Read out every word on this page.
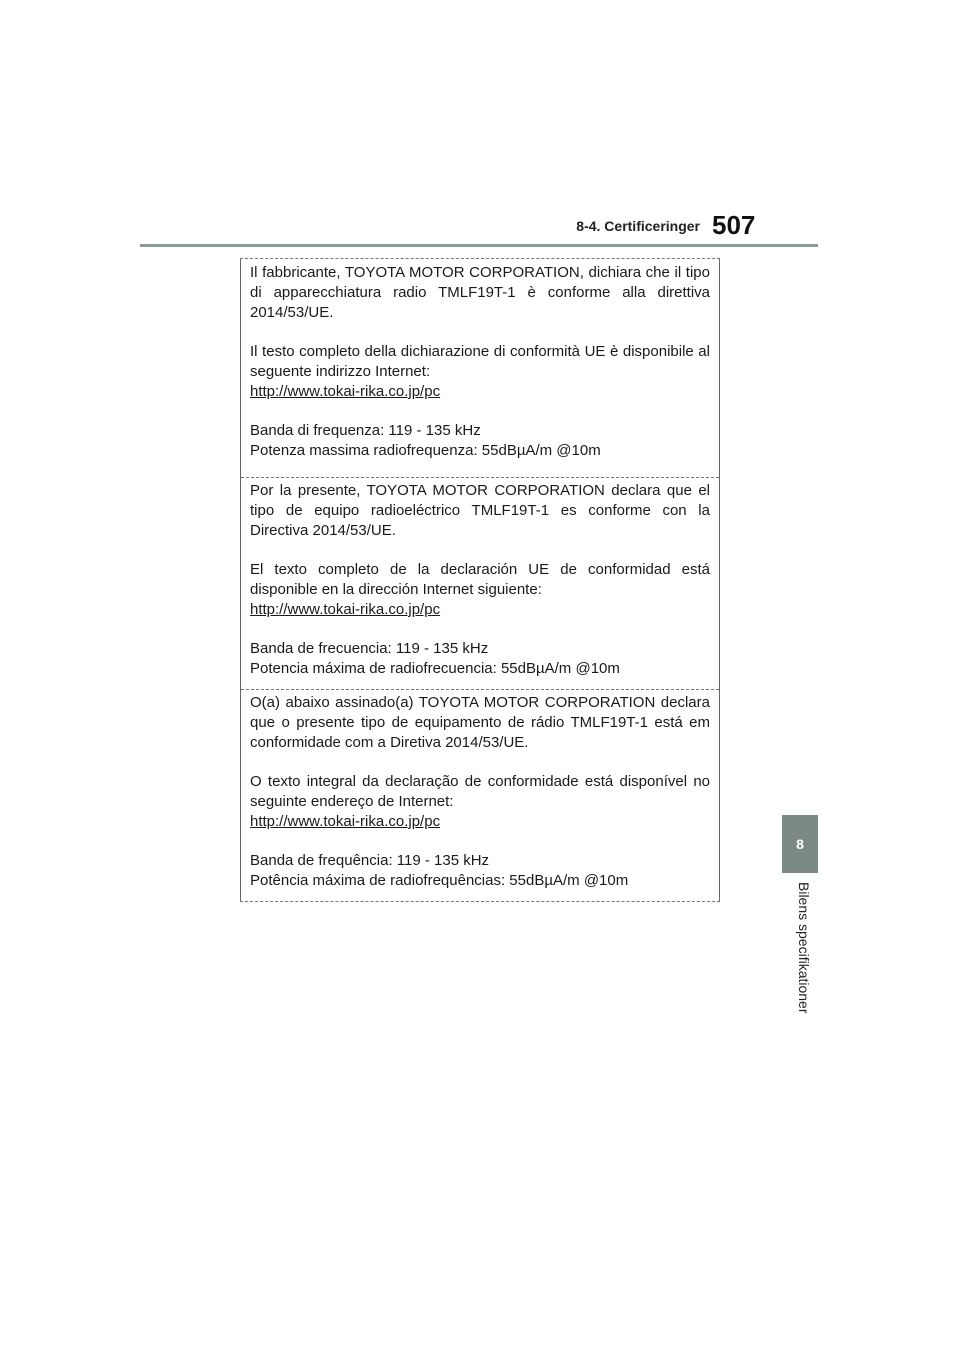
8-4. Certificeringer 507
8
Bilens specifikationer

Il fabbricante, TOYOTA MOTOR CORPORATION, dichiara che il tipo di apparecchiatura radio TMLF19T-1 è conforme alla direttiva 2014/53/UE.

Il testo completo della dichiarazione di conformità UE è disponibile al seguente indirizzo Internet:

http://www.tokai-rika.co.jp/pc
Banda di frequenza: 119 - 135 kHz
Potenza massima radiofrequenza: 55dBµA/m @10m

Por la presente, TOYOTA MOTOR CORPORATION declara que el tipo de equipo radioeléctrico TMLF19T-1 es conforme con la Directiva 2014/53/UE.

El texto completo de la declaración UE de conformidad está disponible en la dirección Internet siguiente:

http://www.tokai-rika.co.jp/pc
Banda de frecuencia: 119 - 135 kHz
Potencia máxima de radiofrecuencia: 55dBµA/m @10m

O(a) abaixo assinado(a) TOYOTA MOTOR CORPORATION declara que o presente tipo de equipamento de rádio TMLF19T-1 está em conformidade com a Diretiva 2014/53/UE.

O texto integral da declaração de conformidade está disponível no seguinte endereço de Internet:

http://www.tokai-rika.co.jp/pc
Banda de frequência: 119 - 135 kHz
Potência máxima de radiofrequências: 55dBµA/m @10m
